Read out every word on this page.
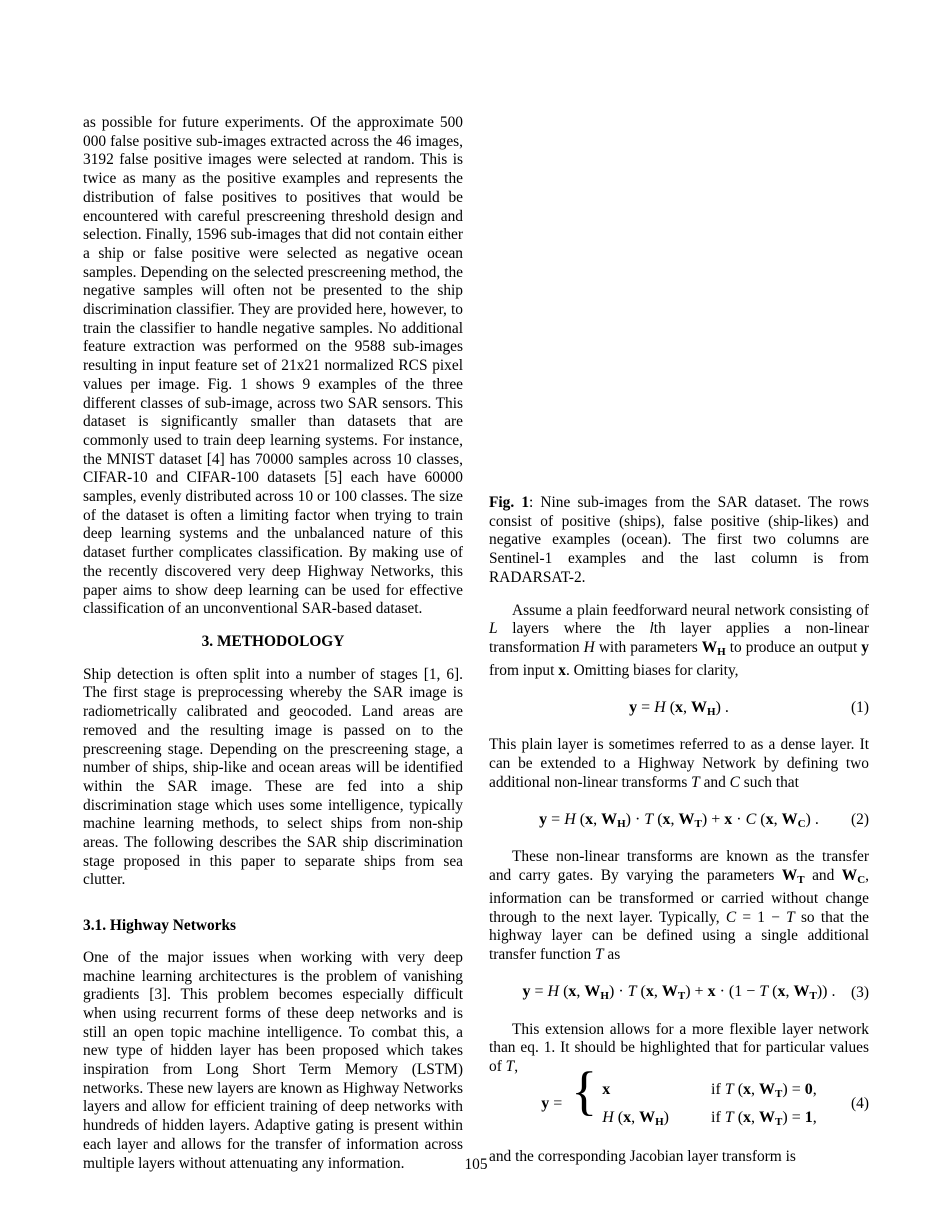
as possible for future experiments. Of the approximate 500 000 false positive sub-images extracted across the 46 images, 3192 false positive images were selected at random. This is twice as many as the positive examples and represents the distribution of false positives to positives that would be encountered with careful prescreening threshold design and selection. Finally, 1596 sub-images that did not contain either a ship or false positive were selected as negative ocean samples. Depending on the selected prescreening method, the negative samples will often not be presented to the ship discrimination classifier. They are provided here, however, to train the classifier to handle negative samples. No additional feature extraction was performed on the 9588 sub-images resulting in input feature set of 21x21 normalized RCS pixel values per image. Fig. 1 shows 9 examples of the three different classes of sub-image, across two SAR sensors. This dataset is significantly smaller than datasets that are commonly used to train deep learning systems. For instance, the MNIST dataset [4] has 70000 samples across 10 classes, CIFAR-10 and CIFAR-100 datasets [5] each have 60000 samples, evenly distributed across 10 or 100 classes. The size of the dataset is often a limiting factor when trying to train deep learning systems and the unbalanced nature of this dataset further complicates classification. By making use of the recently discovered very deep Highway Networks, this paper aims to show deep learning can be used for effective classification of an unconventional SAR-based dataset.

3. METHODOLOGY

Ship detection is often split into a number of stages [1, 6]. The first stage is preprocessing whereby the SAR image is radiometrically calibrated and geocoded. Land areas are removed and the resulting image is passed on to the prescreening stage. Depending on the prescreening stage, a number of ships, ship-like and ocean areas will be identified within the SAR image. These are fed into a ship discrimination stage which uses some intelligence, typically machine learning methods, to select ships from non-ship areas. The following describes the SAR ship discrimination stage proposed in this paper to separate ships from sea clutter.

3.1. Highway Networks

One of the major issues when working with very deep machine learning architectures is the problem of vanishing gradients [3]. This problem becomes especially difficult when using recurrent forms of these deep networks and is still an open topic machine intelligence. To combat this, a new type of hidden layer has been proposed which takes inspiration from Long Short Term Memory (LSTM) networks. These new layers are known as Highway Networks layers and allow for efficient training of deep networks with hundreds of hidden layers. Adaptive gating is present within each layer and allows for the transfer of information across multiple layers without attenuating any information.

Fig. 1: Nine sub-images from the SAR dataset. The rows consist of positive (ships), false positive (ship-likes) and negative examples (ocean). The first two columns are Sentinel-1 examples and the last column is from RADARSAT-2.

Assume a plain feedforward neural network consisting of L layers where the lth layer applies a non-linear transformation H with parameters WH to produce an output y from input x. Omitting biases for clarity,

y = H (x, WH) .	(1)

This plain layer is sometimes referred to as a dense layer. It can be extended to a Highway Network by defining two additional non-linear transforms T and C such that

y = H (x, WH) · T (x, WT) + x · C (x, WC) . (2)

These non-linear transforms are known as the transfer and carry gates. By varying the parameters WT and WC, information can be transformed or carried without change through to the next layer. Typically, C = 1 − T so that the highway layer can be defined using a single additional transfer function T as

y = H (x, WH) · T (x, WT) + x · (1 − T (x, WT)) . (3)

This extension allows for a more flexible layer network than eq. 1. It should be highlighted that for particular values of T,

y = { x	if T (x, WT) = 0,
H (x, WH)	if T (x, WT) = 1,
(4)

and the corresponding Jacobian layer transform is

105
